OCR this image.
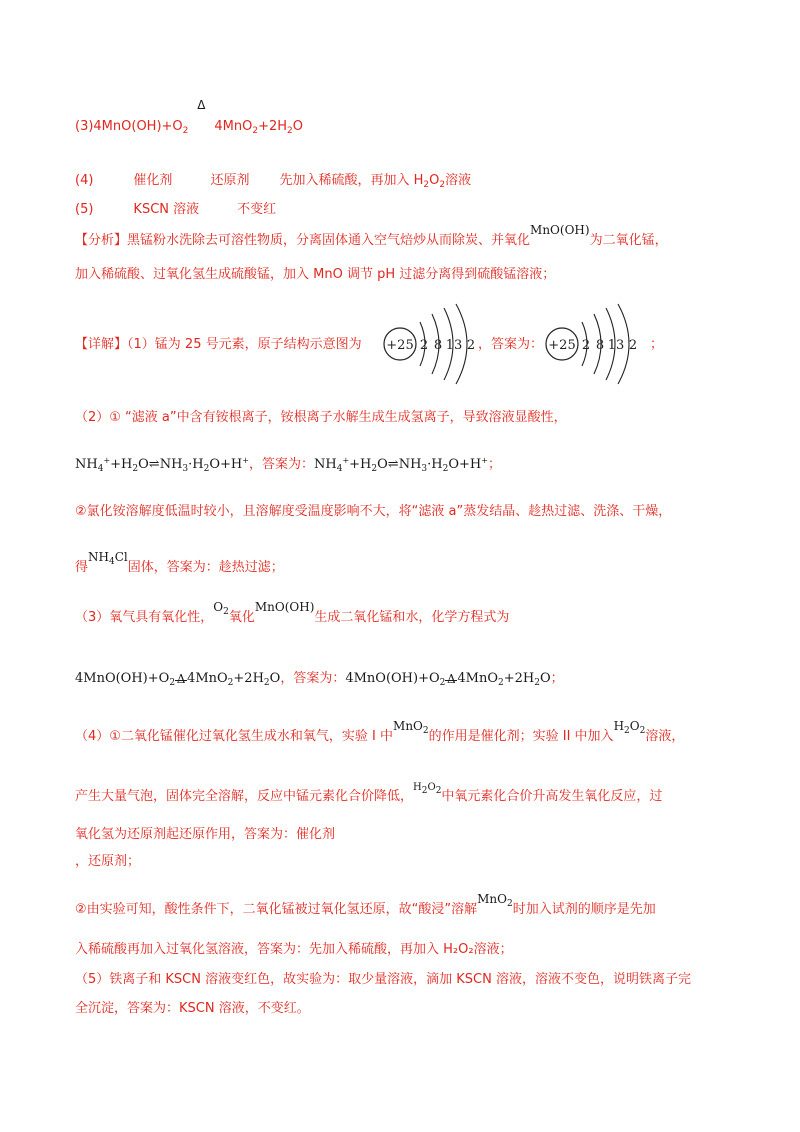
$(3)4MnO(OH)+O_2$
Δ
$4MnO_2+2H_2O$
(4)	催化剂	还原剂 先加入稀硫酸，再加入 $H_2O_2$溶液
(5)	KSCN 溶液	不变红
【分析】黑锰粉水洗除去可溶性物质，分离固体通入空气焙炒从而除炭、并氧化MnO(OH)为二氧化锰，
加入稀硫酸、过氧化氢生成硫酸锰，加入 MnO 调节 pH 过滤分离得到硫酸锰溶液；
【详解】（1）锰为 25 号元素，原子结构示意图为 +25 2 8 13 2 ，答案为： +25 2 8 13 2 ；
（2）① “滤液 a”中含有铵根离子，铵根离子水解生成生成氢离子，导致溶液显酸性，
$NH_4^++H_2O\rightleftharpoons NH_3\cdot H_2O+H^+$，答案为：$NH_4^++H_2O\rightleftharpoons NH_3\cdot H_2O+H^+$；
②氯化铵溶解度低温时较小，且溶解度受温度影响不大，将“滤液 a”蒸发结晶、趁热过滤、洗涤、干燥，
得$NH_4Cl$固体，答案为：趁热过滤；
（3）氧气具有氧化性，$O_2$氧化MnO(OH)生成二氧化锰和水，化学方程式为
$4MnO(OH)+O_2$ Δ $4MnO_2+2H_2O$，答案为：$4MnO(OH)+O_2$ Δ $4MnO_2+2H_2O$；
（4）①二氧化锰催化过氧化氢生成水和氧气，实验 I 中MnO$_2$的作用是催化剂；实验 II 中加入$H_2O_2$溶液，
产生大量气泡，固体完全溶解，反应中锰元素化合价降低，$^{H2O2}$中氧元素化合价升高发生氧化反应，过
氧化氢为还原剂起还原作用，答案为：催化剂
，还原剂；
②由实验可知，酸性条件下，二氧化锰被过氧化氢还原，故“酸浸”溶解MnO$_2$时加入试剂的顺序是先加
入稀硫酸再加入过氧化氢溶液，答案为：先加入稀硫酸，再加入 H₂O₂溶液；
（5）铁离子和 KSCN 溶液变红色，故实验为：取少量溶液，滴加 KSCN 溶液，溶液不变色，说明铁离子完
全沉淀，答案为：KSCN 溶液，不变红。
